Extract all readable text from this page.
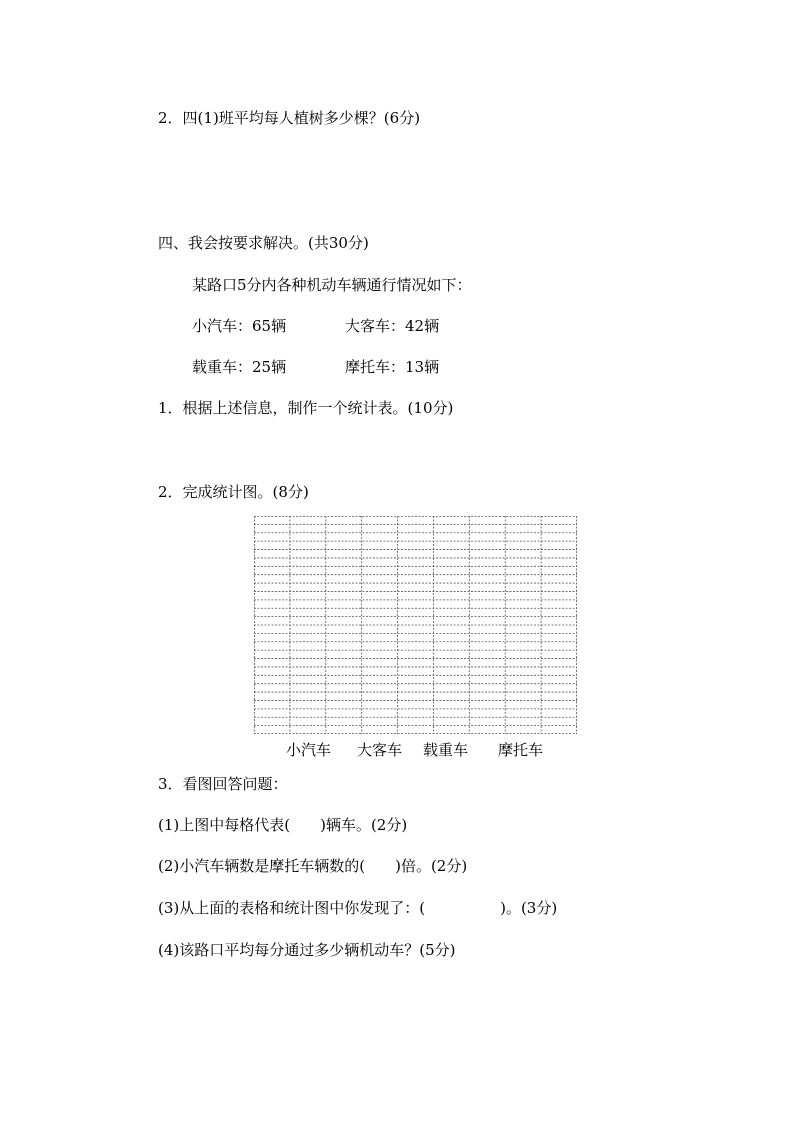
2．四(1)班平均每人植树多少棵？(6分)
四、我会按要求解决。(共30分)
某路口5分内各种机动车辆通行情况如下：
小汽车：65辆	大客车：42辆
载重车：25辆	摩托车：13辆
1．根据上述信息，制作一个统计表。(10分)
2．完成统计图。(8分)
小汽车 大客车 载重车 摩托车
3．看图回答问题：
(1)上图中每格代表(　　)辆车。(2分)
(2)小汽车辆数是摩托车辆数的(　　)倍。(2分)
(3)从上面的表格和统计图中你发现了：(　　　　　)。(3分)
(4)该路口平均每分通过多少辆机动车？(5分)
